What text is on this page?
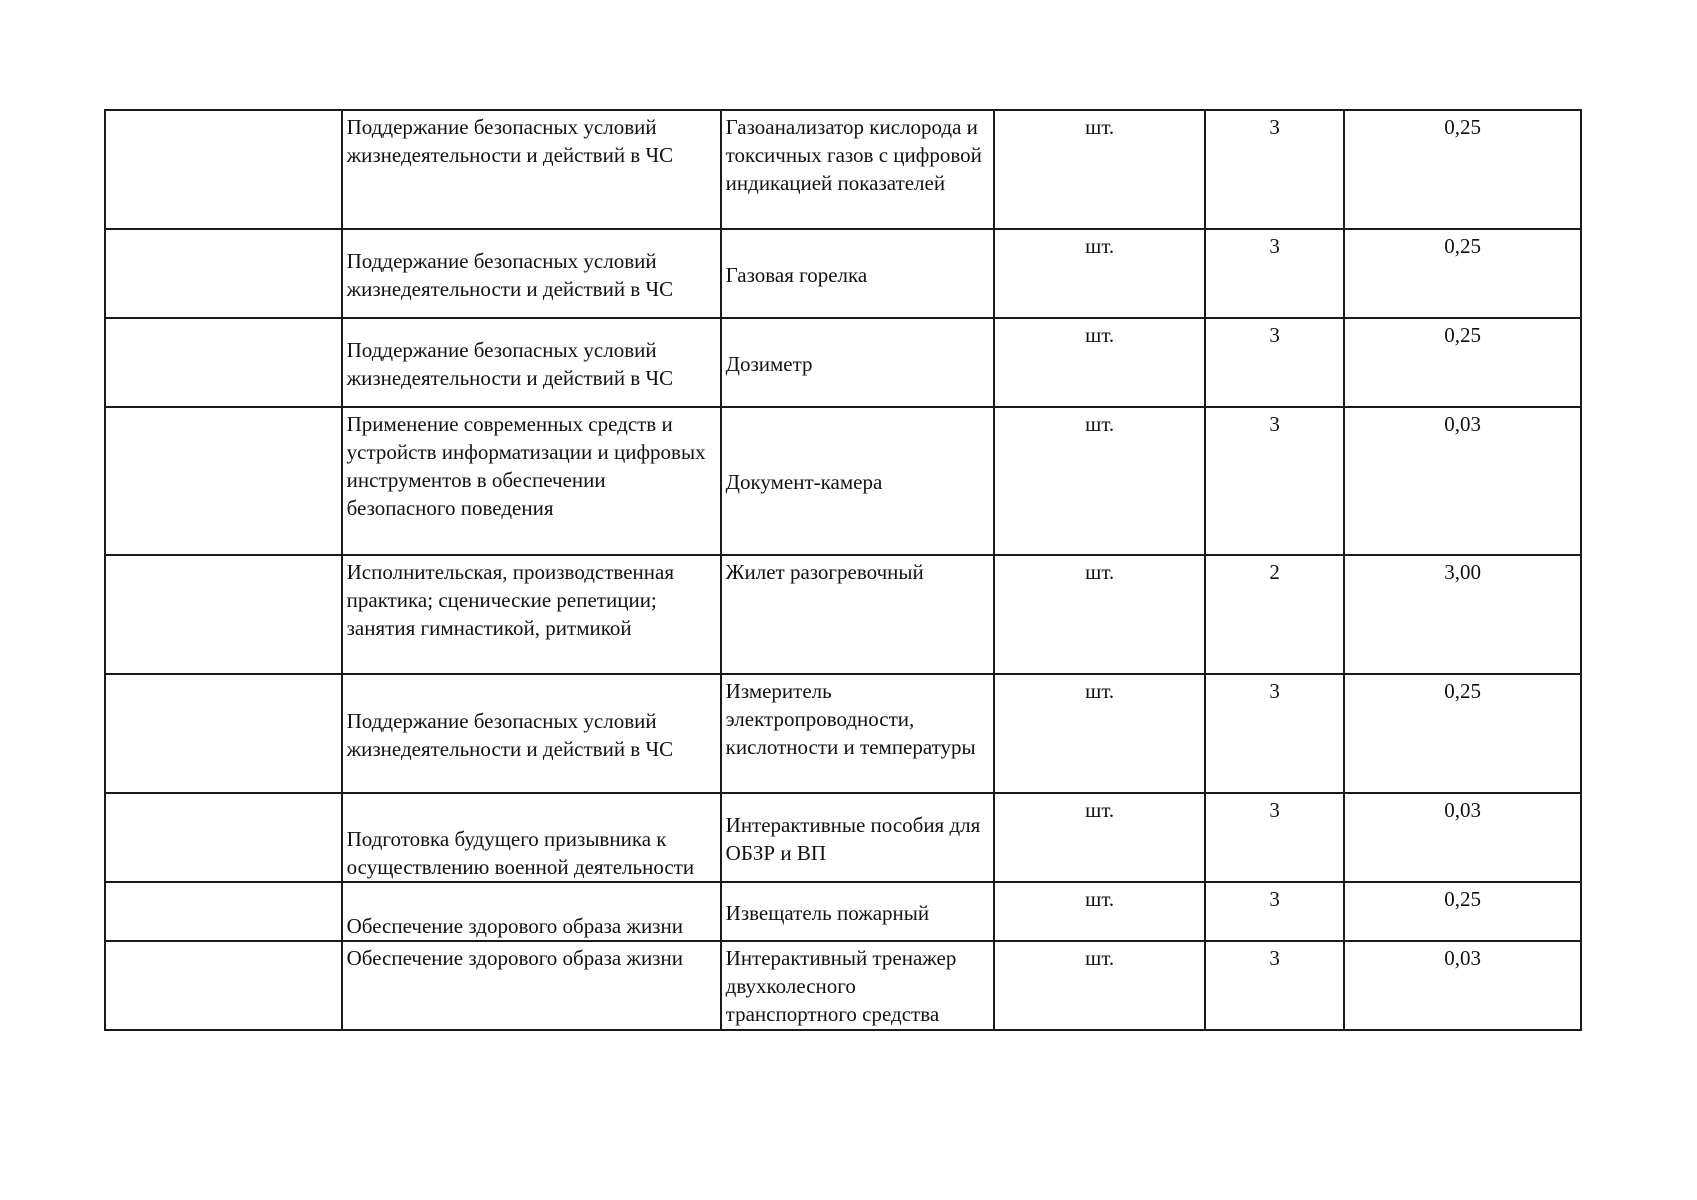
	Поддержание безопасных условий жизнедеятельности и действий в ЧС	Газоанализатор кислорода и токсичных газов с цифровой индикацией показателей	шт.	3	0,25
	Поддержание безопасных условий жизнедеятельности и действий в ЧС	Газовая горелка	шт.	3	0,25
	Поддержание безопасных условий жизнедеятельности и действий в ЧС	Дозиметр	шт.	3	0,25
	Применение современных средств и устройств информатизации и цифровых инструментов в обеспечении безопасного поведения	Документ-камера	шт.	3	0,03
	Исполнительская, производственная практика; сценические репетиции; занятия гимнастикой, ритмикой	Жилет разогревочный	шт.	2	3,00
	Поддержание безопасных условий жизнедеятельности и действий в ЧС	Измеритель электропроводности, кислотности и температуры	шт.	3	0,25
	Подготовка будущего призывника к осуществлению военной деятельности	Интерактивные пособия для ОБЗР и ВП	шт.	3	0,03
	Обеспечение здорового образа жизни	Извещатель пожарный	шт.	3	0,25
	Обеспечение здорового образа жизни	Интерактивный тренажер двухколесного транспортного средства	шт.	3	0,03
